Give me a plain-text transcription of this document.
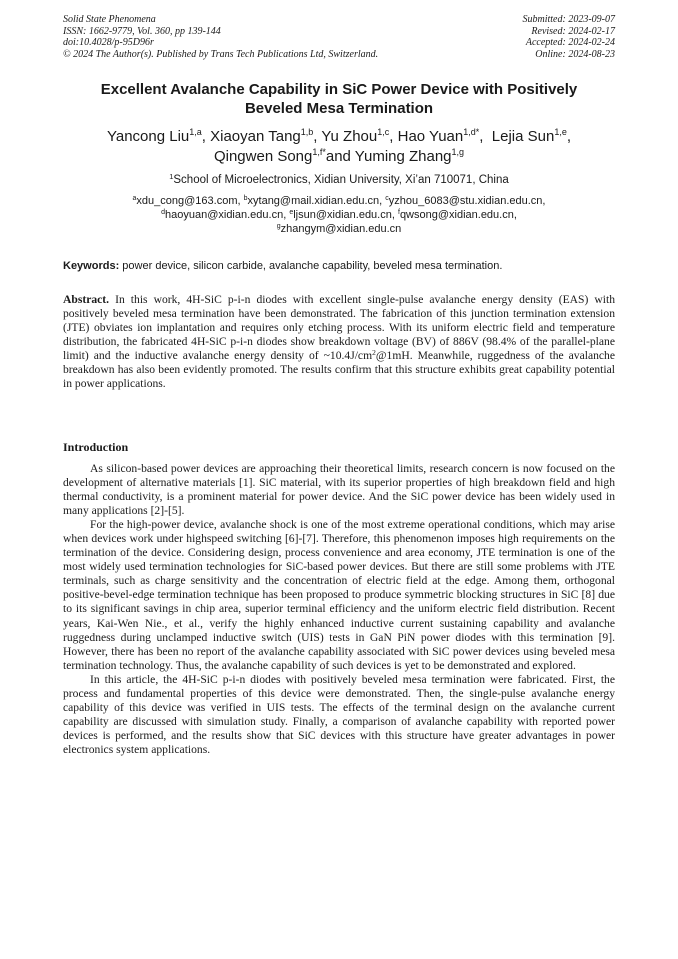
Solid State Phenomena
ISSN: 1662-9779, Vol. 360, pp 139-144
doi:10.4028/p-95D96r
© 2024 The Author(s). Published by Trans Tech Publications Ltd, Switzerland.
Submitted: 2023-09-07
Revised: 2024-02-17
Accepted: 2024-02-24
Online: 2024-08-23
Excellent Avalanche Capability in SiC Power Device with Positively
Beveled Mesa Termination
Yancong Liu$^{1,a}$, Xiaoyan Tang$^{1,b}$, Yu Zhou$^{1,c}$, Hao Yuan$^{1,d*}$,  Lejia Sun$^{1,e}$,
Qingwen Song$^{1,f*}$and Yuming Zhang$^{1,g}$
$^1$School of Microelectronics, Xidian University, Xi’an 710071, China
$^a$xdu_cong@163.com, $^b$xytang@mail.xidian.edu.cn, $^c$yzhou_6083@stu.xidian.edu.cn,
$^d$haoyuan@xidian.edu.cn, $^e$ljsun@xidian.edu.cn, $^f$qwsong@xidian.edu.cn,
$^g$zhangym@xidian.edu.cn
Keywords: power device, silicon carbide, avalanche capability, beveled mesa termination.
Abstract. In this work, 4H-SiC p-i-n diodes with excellent single-pulse avalanche energy density (EAS) with positively beveled mesa termination have been demonstrated. The fabrication of this junction termination extension (JTE) obviates ion implantation and requires only etching process. With its uniform electric field and temperature distribution, the fabricated 4H-SiC p-i-n diodes show breakdown voltage (BV) of 886V (98.4% of the parallel-plane limit) and the inductive avalanche energy density of $\sim 10.4J/cm^2@1mH$. Meanwhile, ruggedness of the avalanche breakdown has also been evidently promoted. The results confirm that this structure exhibits great capability potential in power applications.
Introduction

As silicon-based power devices are approaching their theoretical limits, research concern is now focused on the development of alternative materials [1]. SiC material, with its superior properties of high breakdown field and high thermal conductivity, is a prominent material for power device. And the SiC power device has been widely used in many applications [2]-[5].

For the high-power device, avalanche shock is one of the most extreme operational conditions, which may arise when devices work under highspeed switching [6]-[7]. Therefore, this phenomenon imposes high requirements on the termination of the device. Considering design, process convenience and area economy, JTE termination is one of the most widely used termination technologies for SiC-based power devices. But there are still some problems with JTE terminals, such as charge sensitivity and the concentration of electric field at the edge. Among them, orthogonal positive-bevel-edge termination technique has been proposed to produce symmetric blocking structures in SiC [8] due to its significant savings in chip area, superior terminal efficiency and the uniform electric field distribution. Recent years, Kai-Wen Nie., et al., verify the highly enhanced inductive current sustaining capability and avalanche ruggedness during unclamped inductive switch (UIS) tests in GaN PiN power diodes with this termination [9]. However, there has been no report of the avalanche capability associated with SiC power devices using beveled mesa termination technology. Thus, the avalanche capability of such devices is yet to be demonstrated and explored.

In this article, the 4H-SiC p-i-n diodes with positively beveled mesa termination were fabricated. First, the process and fundamental properties of this device were demonstrated. Then, the single-pulse avalanche energy capability of this device was verified in UIS tests. The effects of the terminal design on the avalanche current capability are discussed with simulation study. Finally, a comparison of avalanche capability with reported power devices is performed, and the results show that SiC devices with this structure have greater advantages in power electronics system applications.
